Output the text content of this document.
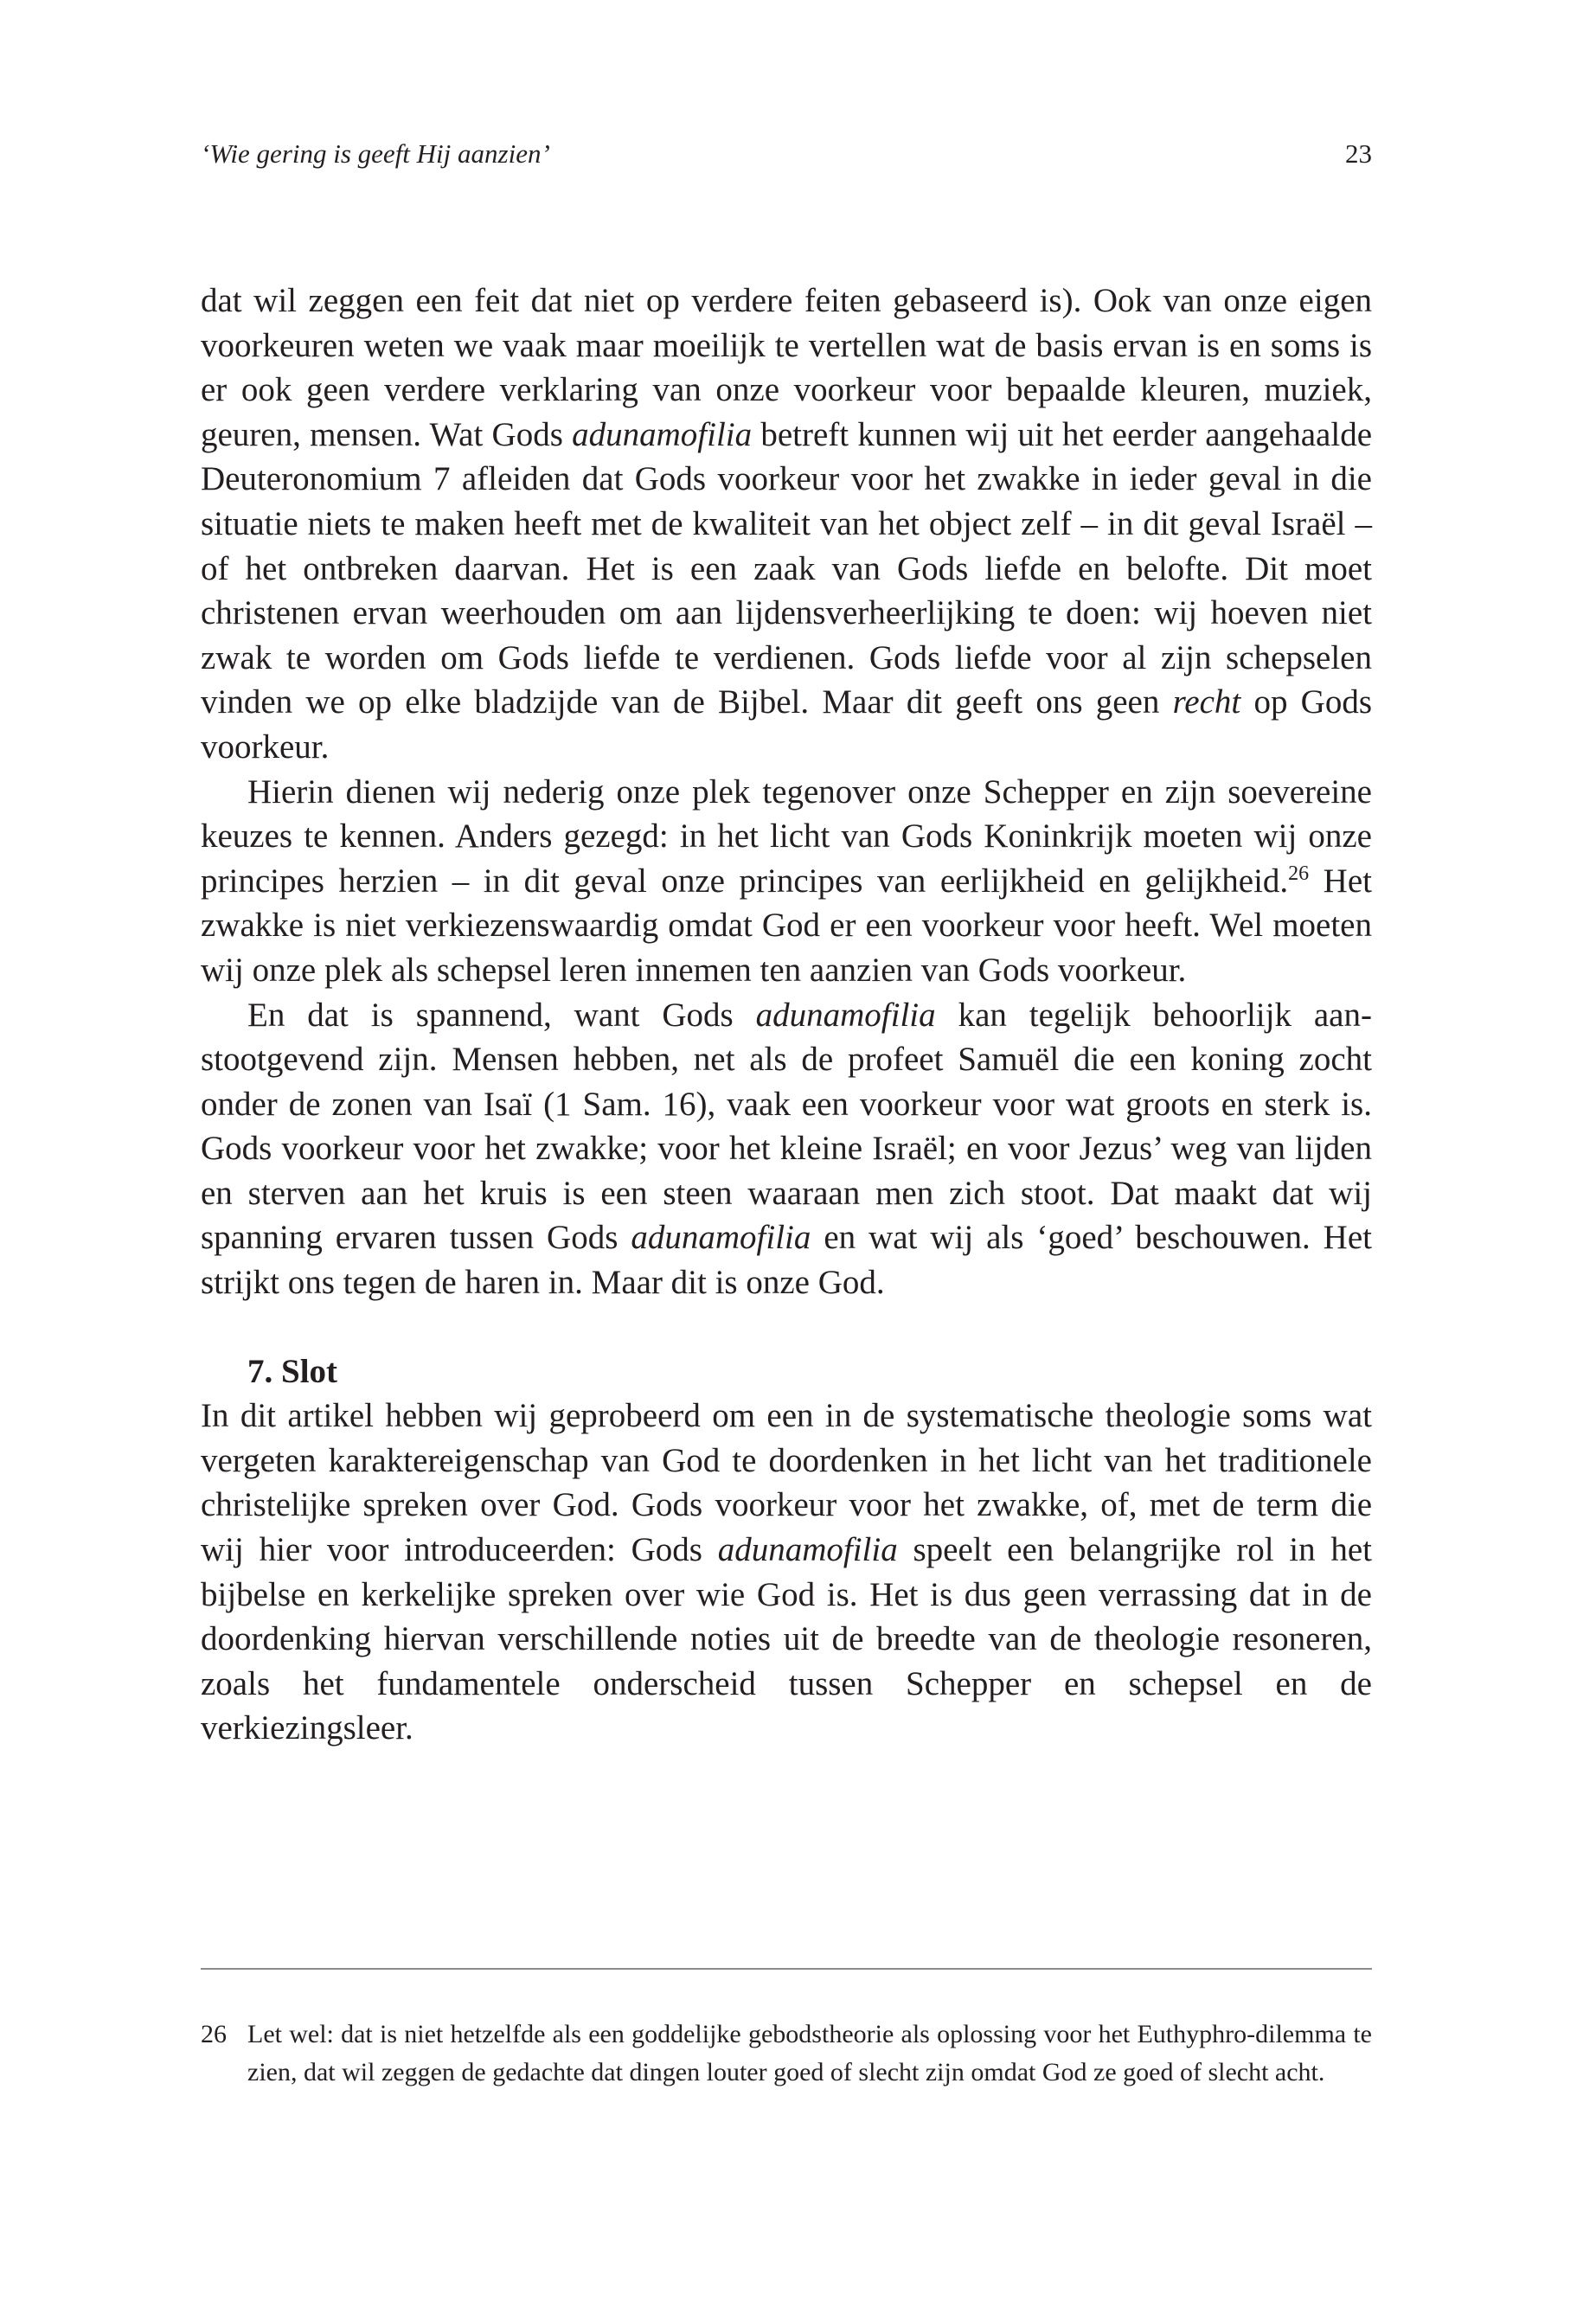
‘Wie gering is geeft Hij aanzien’	23

dat wil zeggen een feit dat niet op verdere feiten gebaseerd is). Ook van onze eigen voorkeuren weten we vaak maar moeilijk te vertellen wat de basis ervan is en soms is er ook geen verdere verklaring van onze voorkeur voor bepaalde kleuren, muziek, geuren, mensen. Wat Gods adunamofilia betreft kunnen wij uit het eerder aangehaalde Deuteronomium 7 afleiden dat Gods voorkeur voor het zwakke in ieder geval in die situatie niets te maken heeft met de kwaliteit van het object zelf – in dit geval Israël – of het ontbreken daarvan. Het is een zaak van Gods liefde en belofte. Dit moet christenen ervan weerhouden om aan lijdensverheerlijking te doen: wij hoeven niet zwak te worden om Gods liefde te verdienen. Gods liefde voor al zijn schepselen vinden we op elke bladzijde van de Bijbel. Maar dit geeft ons geen recht op Gods voorkeur.

Hierin dienen wij nederig onze plek tegenover onze Schepper en zijn soevereine keuzes te kennen. Anders gezegd: in het licht van Gods Koninkrijk moeten wij onze principes herzien – in dit geval onze principes van eerlijkheid en gelijkheid.$^{26}$ Het zwakke is niet verkiezenswaardig omdat God er een voorkeur voor heeft. Wel moeten wij onze plek als schepsel leren innemen ten aanzien van Gods voorkeur.

En dat is spannend, want Gods adunamofilia kan tegelijk behoorlijk aanstootgevend zijn. Mensen hebben, net als de profeet Samuël die een koning zocht onder de zonen van Isaï (1 Sam. 16), vaak een voorkeur voor wat groots en sterk is. Gods voorkeur voor het zwakke; voor het kleine Israël; en voor Jezus’ weg van lijden en sterven aan het kruis is een steen waaraan men zich stoot. Dat maakt dat wij spanning ervaren tussen Gods adunamofilia en wat wij als ‘goed’ beschouwen. Het strijkt ons tegen de haren in. Maar dit is onze God.

7. Slot

In dit artikel hebben wij geprobeerd om een in de systematische theologie soms wat vergeten karaktereigenschap van God te doordenken in het licht van het traditionele christelijke spreken over God. Gods voorkeur voor het zwakke, of, met de term die wij hier voor introduceerden: Gods adunamofilia speelt een belangrijke rol in het bijbelse en kerkelijke spreken over wie God is. Het is dus geen verrassing dat in de doordenking hiervan verschillende noties uit de breedte van de theologie resoneren, zoals het fundamentele onderscheid tussen Schepper en schepsel en de verkiezingsleer.

26 Let wel: dat is niet hetzelfde als een goddelijke gebodstheorie als oplossing voor het Euthyphro-dilemma te zien, dat wil zeggen de gedachte dat dingen louter goed of slecht zijn omdat God ze goed of slecht acht.
